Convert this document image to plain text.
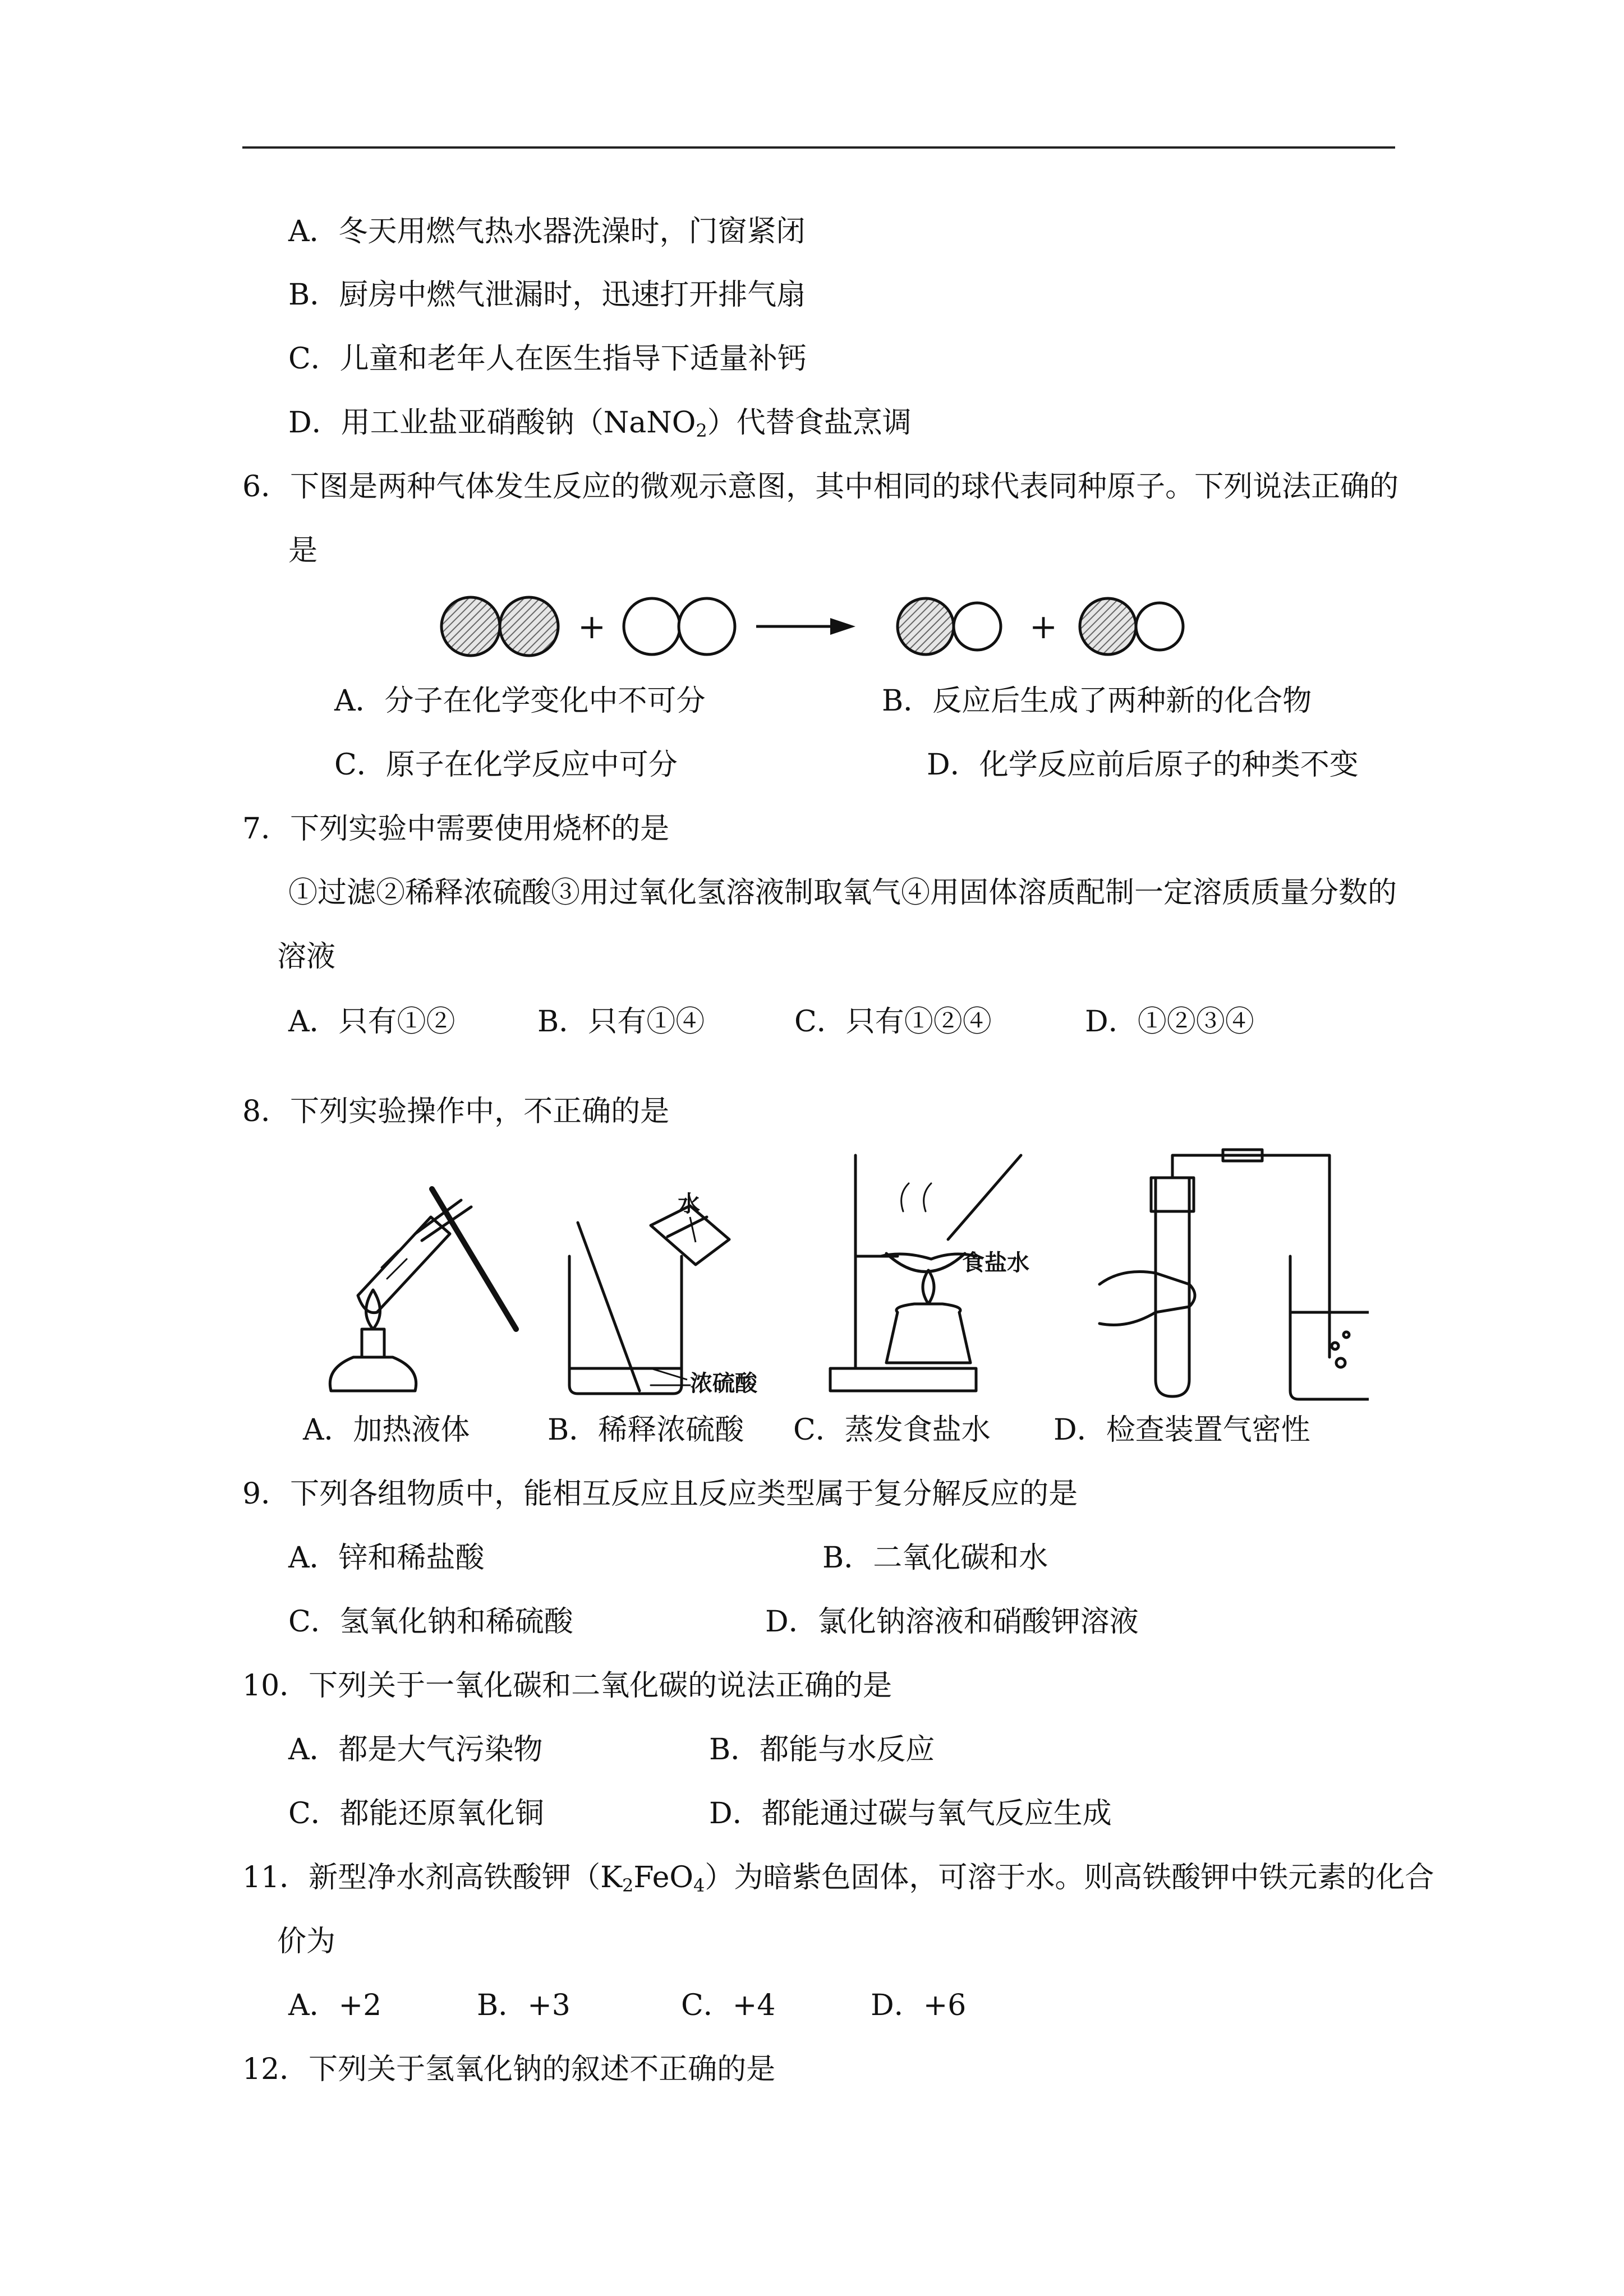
A．冬天用燃气热水器洗澡时，门窗紧闭
B．厨房中燃气泄漏时，迅速打开排气扇
C．儿童和老年人在医生指导下适量补钙
D．用工业盐亚硝酸钠（NaNO$_2$）代替食盐烹调
6．下图是两种气体发生反应的微观示意图，其中相同的球代表同种原子。下列说法正确的
是
+	+
A．分子在化学变化中不可分	B．反应后生成了两种新的化合物
C．原子在化学反应中可分	D．化学反应前后原子的种类不变
7．下列实验中需要使用烧杯的是
①过滤②稀释浓硫酸③用过氧化氢溶液制取氧气④用固体溶质配制一定溶质质量分数的
溶液
A．只有①②	B．只有①④	C．只有①②④	D．①②③④
8．下列实验操作中，不正确的是
水
浓硫酸
食盐水
A．加热液体	B．稀释浓硫酸 C．蒸发食盐水 D．检查装置气密性
9．下列各组物质中，能相互反应且反应类型属于复分解反应的是
A．锌和稀盐酸	B．二氧化碳和水
C．氢氧化钠和稀硫酸	D．氯化钠溶液和硝酸钾溶液
10．下列关于一氧化碳和二氧化碳的说法正确的是
A．都是大气污染物	B．都能与水反应
C．都能还原氧化铜	D．都能通过碳与氧气反应生成
11．新型净水剂高铁酸钾$(K_2FeO_4)$为暗紫色固体，可溶于水。则高铁酸钾中铁元素的化合
价为
A．+2	B．+3	C．+4	D．+6
12．下列关于氢氧化钠的叙述不正确的是
